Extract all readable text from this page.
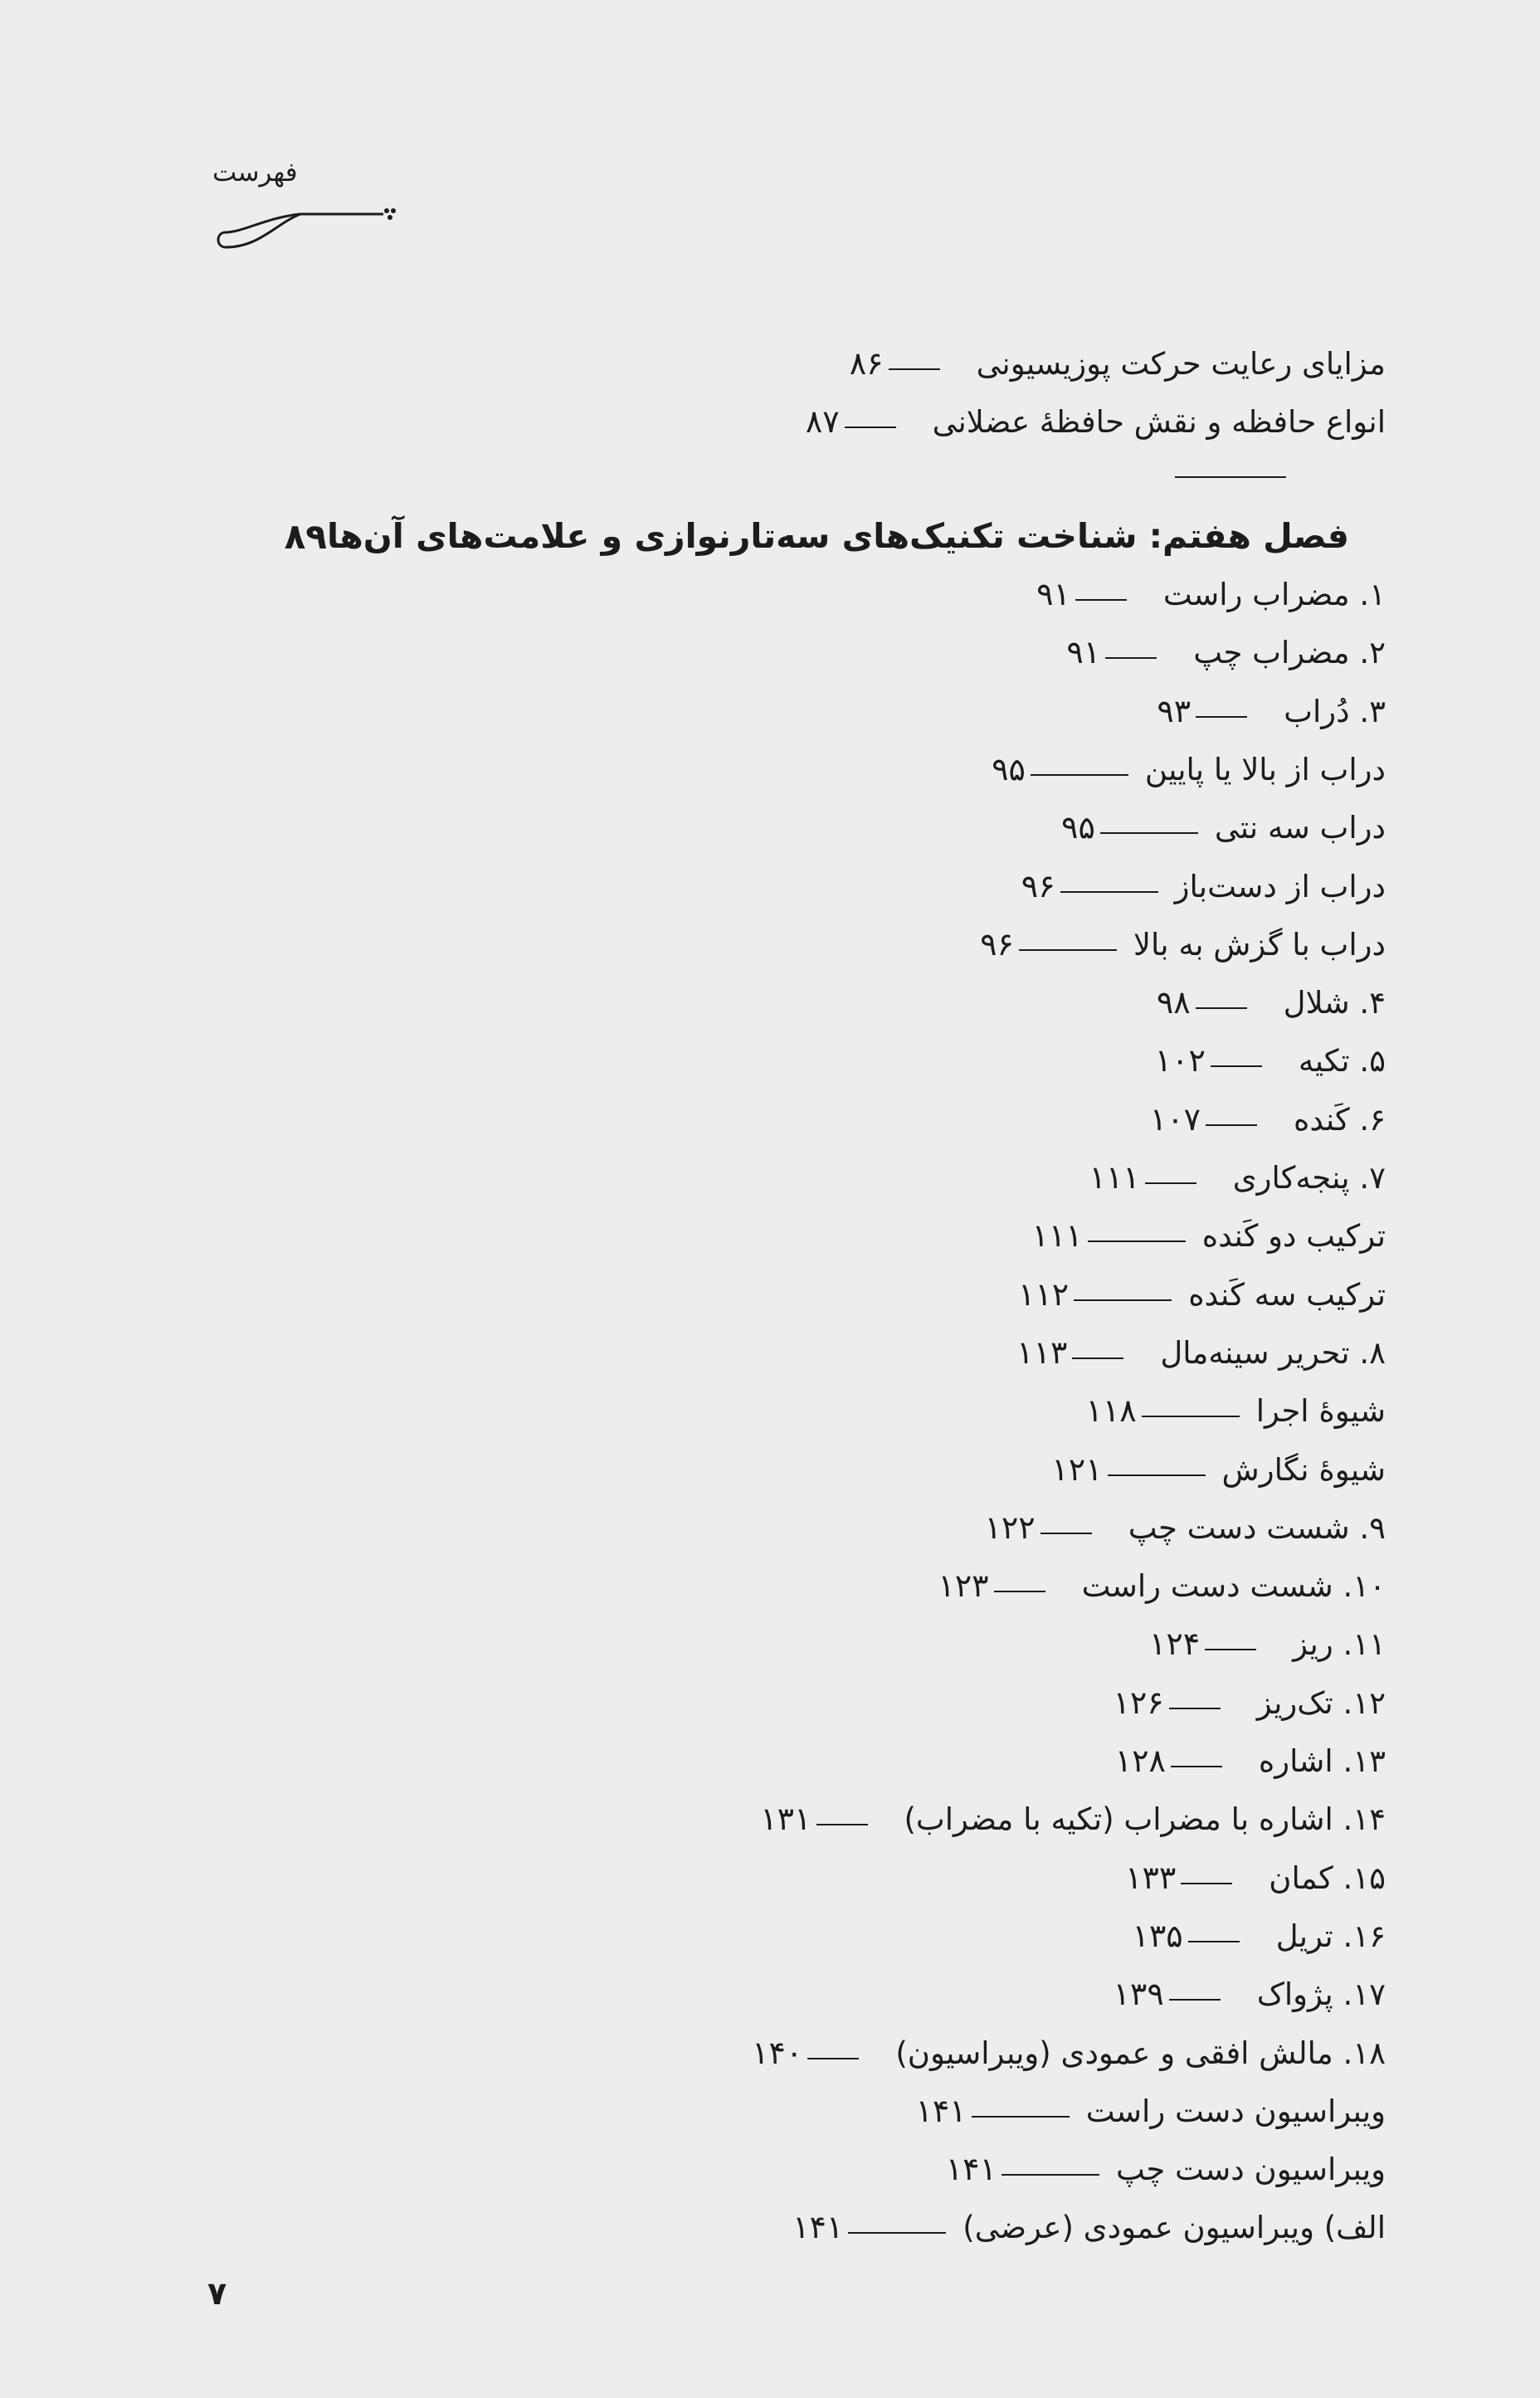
فهرست
۸۶	مزایای رعایت حرکت پوزیسیونی
۸۷	انواع حافظه و نقش حافظهٔ عضلانی
۸۹ فصل هفتم: شناخت تکنیک‌های سه‌تارنوازی و علامت‌های آن‌ها
۹۱	۱. مضراب راست
۹۱	۲. مضراب چپ
۹۳	۳. دُراب
۹۵	دراب از بالا یا پایین
۹۵	دراب سه نتی
۹۶	دراب از دست‌باز
۹۶	دراب با گزش به بالا
۹۸	۴. شلال
۱۰۲	۵. تکیه
۱۰۷	۶. کَنده
۱۱۱	۷. پنجه‌کاری
۱۱۱	ترکیب دو کَنده
۱۱۲	ترکیب سه کَنده
۱۱۳	۸. تحریر سینه‌مال
۱۱۸	شیوهٔ اجرا
۱۲۱	شیوهٔ نگارش
۱۲۲	۹. شست دست چپ
۱۲۳	۱۰. شست دست راست
۱۲۴	۱۱. ریز
۱۲۶	۱۲. تک‌ریز
۱۲۸	۱۳. اشاره
۱۳۱	۱۴. اشاره با مضراب (تکیه با مضراب)
۱۳۳	۱۵. کمان
۱۳۵	۱۶. تریل
۱۳۹	۱۷. پژواک
۱۴۰	۱۸. مالش افقی و عمودی (ویبراسیون)
۱۴۱	ویبراسیون دست راست
۱۴۱	ویبراسیون دست چپ
۱۴۱	الف) ویبراسیون عمودی (عرضی)
۷
